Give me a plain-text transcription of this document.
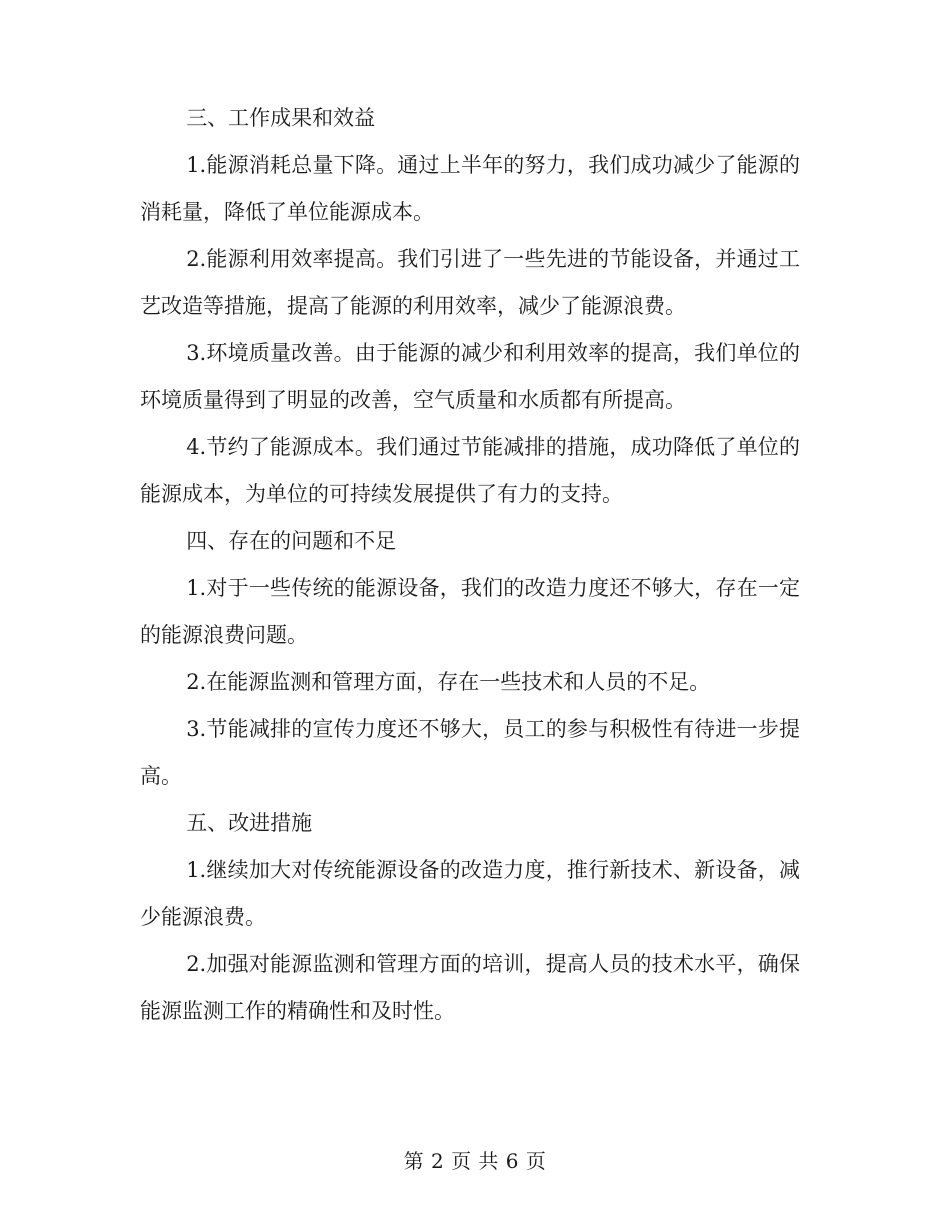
三、工作成果和效益

1.能源消耗总量下降。通过上半年的努力，我们成功减少了能源的消耗量，降低了单位能源成本。

2.能源利用效率提高。我们引进了一些先进的节能设备，并通过工艺改造等措施，提高了能源的利用效率，减少了能源浪费。

3.环境质量改善。由于能源的减少和利用效率的提高，我们单位的环境质量得到了明显的改善，空气质量和水质都有所提高。

4.节约了能源成本。我们通过节能减排的措施，成功降低了单位的能源成本，为单位的可持续发展提供了有力的支持。

四、存在的问题和不足

1.对于一些传统的能源设备，我们的改造力度还不够大，存在一定的能源浪费问题。

2.在能源监测和管理方面，存在一些技术和人员的不足。

3.节能减排的宣传力度还不够大，员工的参与积极性有待进一步提高。

五、改进措施

1.继续加大对传统能源设备的改造力度，推行新技术、新设备，减少能源浪费。

2.加强对能源监测和管理方面的培训，提高人员的技术水平，确保能源监测工作的精确性和及时性。

第 2 页 共 6 页
